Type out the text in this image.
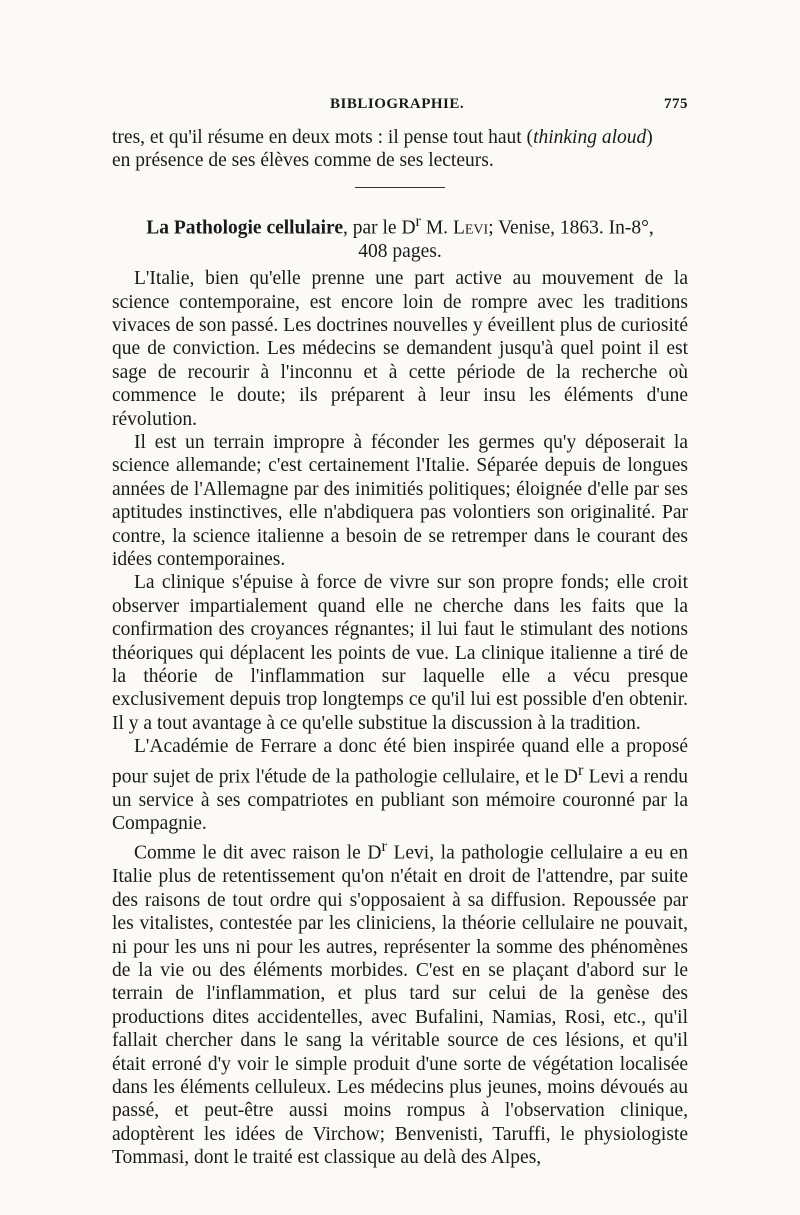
BIBLIOGRAPHIE.	775

tres, et qu'il résume en deux mots : il pense tout haut (thinking aloud)

en présence de ses élèves comme de ses lecteurs.

La Pathologie cellulaire, par le $D^r$ M. Levi; Venise, 1863. In-8°,
408 pages.

L'Italie, bien qu'elle prenne une part active au mouvement de la science contemporaine, est encore loin de rompre avec les traditions vivaces de son passé. Les doctrines nouvelles y éveillent plus de curiosité que de conviction. Les médecins se demandent jusqu'à quel point il est sage de recourir à l'inconnu et à cette période de la recherche où commence le doute; ils préparent à leur insu les éléments d'une révolution.

Il est un terrain impropre à féconder les germes qu'y déposerait la science allemande; c'est certainement l'Italie. Séparée depuis de longues années de l'Allemagne par des inimitiés politiques; éloignée d'elle par ses aptitudes instinctives, elle n'abdiquera pas volontiers son originalité. Par contre, la science italienne a besoin de se retremper dans le courant des idées contemporaines.

La clinique s'épuise à force de vivre sur son propre fonds; elle croit observer impartialement quand elle ne cherche dans les faits que la confirmation des croyances régnantes; il lui faut le stimulant des notions théoriques qui déplacent les points de vue. La clinique italienne a tiré de la théorie de l'inflammation sur laquelle elle a vécu presque exclusivement depuis trop longtemps ce qu'il lui est possible d'en obtenir. Il y a tout avantage à ce qu'elle substitue la discussion à la tradition.

L'Académie de Ferrare a donc été bien inspirée quand elle a proposé pour sujet de prix l'étude de la pathologie cellulaire, et le $D^r$ Levi a rendu un service à ses compatriotes en publiant son mémoire couronné par la Compagnie.

Comme le dit avec raison le $D^r$ Levi, la pathologie cellulaire a eu en Italie plus de retentissement qu'on n'était en droit de l'attendre, par suite des raisons de tout ordre qui s'opposaient à sa diffusion. Repoussée par les vitalistes, contestée par les cliniciens, la théorie cellulaire ne pouvait, ni pour les uns ni pour les autres, représenter la somme des phénomènes de la vie ou des éléments morbides. C'est en se plaçant d'abord sur le terrain de l'inflammation, et plus tard sur celui de la genèse des productions dites accidentelles, avec Bufalini, Namias, Rosi, etc., qu'il fallait chercher dans le sang la véritable source de ces lésions, et qu'il était erroné d'y voir le simple produit d'une sorte de végétation localisée dans les éléments celluleux. Les médecins plus jeunes, moins dévoués au passé, et peut-être aussi moins rompus à l'observation clinique, adoptèrent les idées de Virchow; Benvenisti, Taruffi, le physiologiste Tommasi, dont le traité est classique au delà des Alpes,
